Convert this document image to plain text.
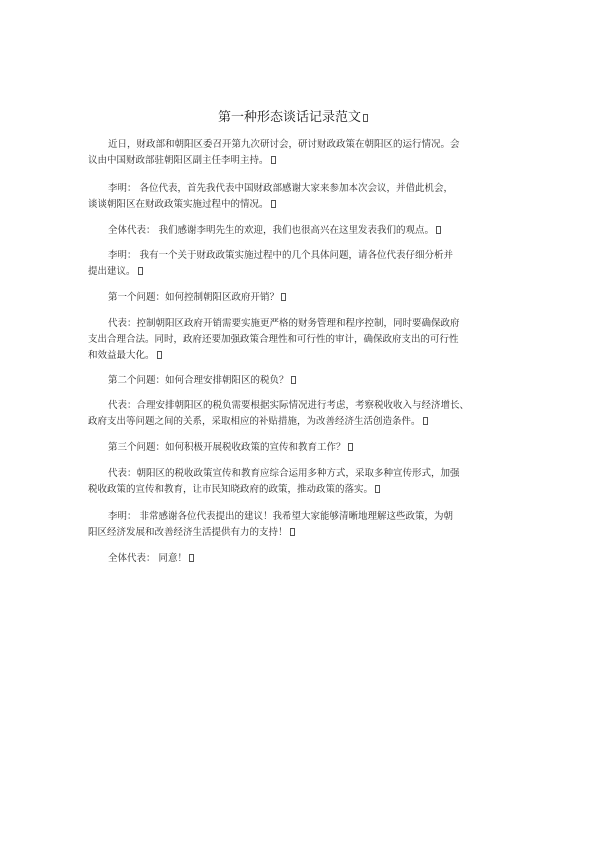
第一种形态谈话记录范文
近日，财政部和朝阳区委召开第九次研讨会，研讨财政政策在朝阳区的运行情况。会
议由中国财政部驻朝阳区副主任李明主持。
李明： 各位代表，首先我代表中国财政部感谢大家来参加本次会议，并借此机会，
谈谈朝阳区在财政政策实施过程中的情况。
全体代表： 我们感谢李明先生的欢迎，我们也很高兴在这里发表我们的观点。
李明： 我有一个关于财政政策实施过程中的几个具体问题，请各位代表仔细分析并
提出建议。
第一个问题：如何控制朝阳区政府开销？
代表：控制朝阳区政府开销需要实施更严格的财务管理和程序控制，同时要确保政府
支出合理合法。同时，政府还要加强政策合理性和可行性的审计，确保政府支出的可行性
和效益最大化。
第二个问题：如何合理安排朝阳区的税负？
代表：合理安排朝阳区的税负需要根据实际情况进行考虑，考察税收收入与经济增长、
政府支出等问题之间的关系，采取相应的补贴措施，为改善经济生活创造条件。
第三个问题：如何积极开展税收政策的宣传和教育工作？
代表：朝阳区的税收政策宣传和教育应综合运用多种方式，采取多种宣传形式，加强
税收政策的宣传和教育，让市民知晓政府的政策，推动政策的落实。
李明： 非常感谢各位代表提出的建议！我希望大家能够清晰地理解这些政策，为朝
阳区经济发展和改善经济生活提供有力的支持！
全体代表： 同意！
